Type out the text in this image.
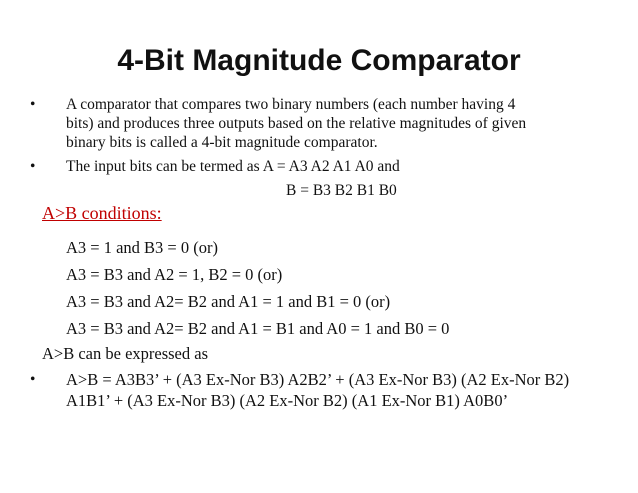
4-Bit Magnitude Comparator
• A comparator that compares two binary numbers (each number having 4
bits) and produces three outputs based on the relative magnitudes of given
binary bits is called a 4-bit magnitude comparator.
• The input bits can be termed as A = A3 A2 A1 A0 and
B = B3 B2 B1 B0
A>B conditions:
A3 = 1 and B3 = 0 (or)
A3 = B3 and A2 = 1, B2 = 0 (or)
A3 = B3 and A2= B2 and A1 = 1 and B1 = 0 (or)
A3 = B3 and A2= B2 and A1 = B1 and A0 = 1 and B0 = 0
A>B can be expressed as
• A>B = A3B3’ + (A3 Ex-Nor B3) A2B2’ + (A3 Ex-Nor B3) (A2 Ex-Nor B2)
A1B1’ + (A3 Ex-Nor B3) (A2 Ex-Nor B2) (A1 Ex-Nor B1) A0B0’
